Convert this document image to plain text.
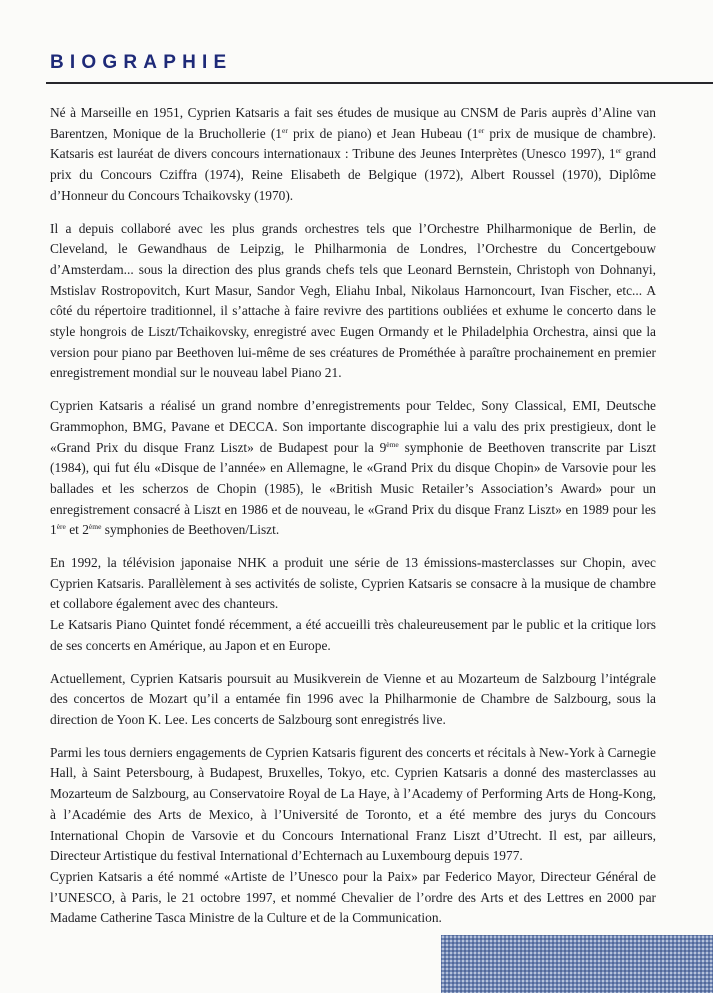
BIOGRAPHIE

Né à Marseille en 1951, Cyprien Katsaris a fait ses études de musique au CNSM de Paris auprès d’Aline van Barentzen, Monique de la Bruchollerie (1er prix de piano) et Jean Hubeau (1er prix de musique de chambre). Katsaris est lauréat de divers concours internationaux : Tribune des Jeunes Interprètes (Unesco 1997), 1er grand prix du Concours Cziffra (1974), Reine Elisabeth de Belgique (1972), Albert Roussel (1970), Diplôme d’Honneur du Concours Tchaikovsky (1970).

Il a depuis collaboré avec les plus grands orchestres tels que l’Orchestre Philharmonique de Berlin, de Cleveland, le Gewandhaus de Leipzig, le Philharmonia de Londres, l’Orchestre du Concertgebouw d’Amsterdam... sous la direction des plus grands chefs tels que Leonard Bernstein, Christoph von Dohnanyi, Mstislav Rostropovitch, Kurt Masur, Sandor Vegh, Eliahu Inbal, Nikolaus Harnoncourt, Ivan Fischer, etc... A côté du répertoire traditionnel, il s’attache à faire revivre des partitions oubliées et exhume le concerto dans le style hongrois de Liszt/Tchaikovsky, enregistré avec Eugen Ormandy et le Philadelphia Orchestra, ainsi que la version pour piano par Beethoven lui-même de ses créatures de Prométhée à paraître prochainement en premier enregistrement mondial sur le nouveau label Piano 21.

Cyprien Katsaris a réalisé un grand nombre d’enregistrements pour Teldec, Sony Classical, EMI, Deutsche Grammophon, BMG, Pavane et DECCA. Son importante discographie lui a valu des prix prestigieux, dont le «Grand Prix du disque Franz Liszt» de Budapest pour la 9ème symphonie de Beethoven transcrite par Liszt (1984), qui fut élu «Disque de l’année» en Allemagne, le «Grand Prix du disque Chopin» de Varsovie pour les ballades et les scherzos de Chopin (1985), le «British Music Retailer’s Association’s Award» pour un enregistrement consacré à Liszt en 1986 et de nouveau, le «Grand Prix du disque Franz Liszt» en 1989 pour les 1ère et 2ème symphonies de Beethoven/Liszt.

En 1992, la télévision japonaise NHK a produit une série de 13 émissions-masterclasses sur Chopin, avec Cyprien Katsaris. Parallèlement à ses activités de soliste, Cyprien Katsaris se consacre à la musique de chambre et collabore également avec des chanteurs.

Le Katsaris Piano Quintet fondé récemment, a été accueilli très chaleureusement par le public et la critique lors de ses concerts en Amérique, au Japon et en Europe.

Actuellement, Cyprien Katsaris poursuit au Musikverein de Vienne et au Mozarteum de Salzbourg l’intégrale des concertos de Mozart qu’il a entamée fin 1996 avec la Philharmonie de Chambre de Salzbourg, sous la direction de Yoon K. Lee. Les concerts de Salzbourg sont enregistrés live.

Parmi les tous derniers engagements de Cyprien Katsaris figurent des concerts et récitals à New-York à Carnegie Hall, à Saint Petersbourg, à Budapest, Bruxelles, Tokyo, etc. Cyprien Katsaris a donné des masterclasses au Mozarteum de Salzbourg, au Conservatoire Royal de La Haye, à l’Academy of Performing Arts de Hong-Kong, à l’Académie des Arts de Mexico, à l’Université de Toronto, et a été membre des jurys du Concours International Chopin de Varsovie et du Concours International Franz Liszt d’Utrecht. Il est, par ailleurs, Directeur Artistique du festival International d’Echternach au Luxembourg depuis 1977.

Cyprien Katsaris a été nommé «Artiste de l’Unesco pour la Paix» par Federico Mayor, Directeur Général de l’UNESCO, à Paris, le 21 octobre 1997, et nommé Chevalier de l’ordre des Arts et des Lettres en 2000 par Madame Catherine Tasca Ministre de la Culture et de la Communication.
